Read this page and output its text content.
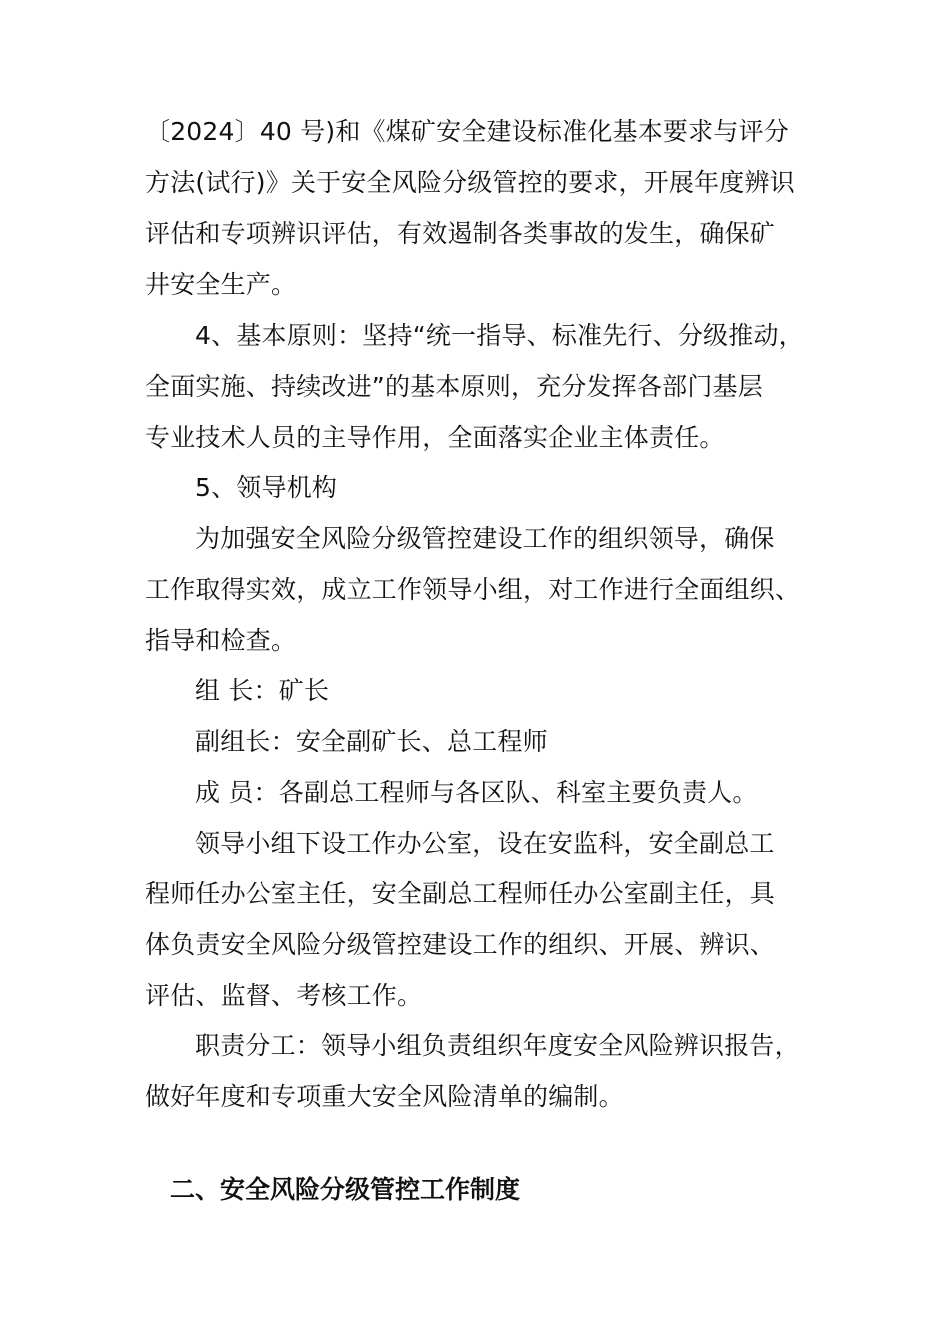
〔2024〕40 号)和《煤矿安全建设标准化基本要求与评分
方法(试行)》关于安全风险分级管控的要求，开展年度辨识
评估和专项辨识评估，有效遏制各类事故的发生，确保矿
井安全生产。
4、基本原则：坚持“统一指导、标准先行、分级推动，
全面实施、持续改进”的基本原则，充分发挥各部门基层
专业技术人员的主导作用，全面落实企业主体责任。
5、领导机构
为加强安全风险分级管控建设工作的组织领导，确保
工作取得实效，成立工作领导小组，对工作进行全面组织、
指导和检查。
组 长：矿长
副组长：安全副矿长、总工程师
成 员：各副总工程师与各区队、科室主要负责人。
领导小组下设工作办公室，设在安监科，安全副总工
程师任办公室主任，安全副总工程师任办公室副主任，具
体负责安全风险分级管控建设工作的组织、开展、辨识、
评估、监督、考核工作。
职责分工：领导小组负责组织年度安全风险辨识报告，
做好年度和专项重大安全风险清单的编制。
二、安全风险分级管控工作制度
